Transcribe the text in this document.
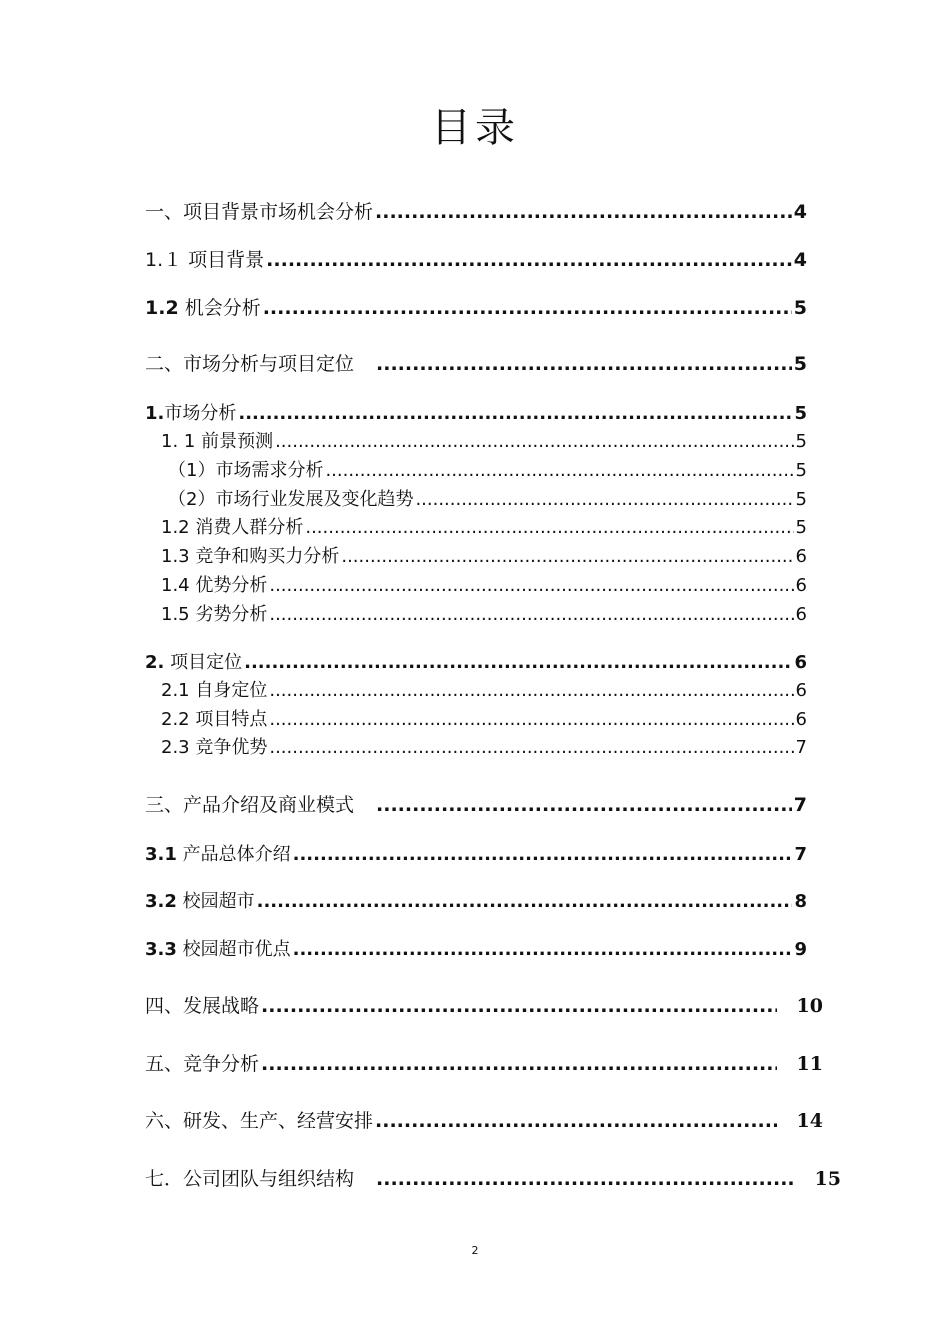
目录
一、项目背景市场机会分析 .....	4
1.１ 项目背景 .....	4
1.2 机会分析 .....	5
二、市场分析与项目定位 .....	5
1.市场分析 .....	5
1. 1 前景预测 .....	5
（1）市场需求分析 .....	5
（2）市场行业发展及变化趋势 .....	5
1.2 消费人群分析 .....	5
1.3 竞争和购买力分析 .....	6
1.4 优势分析 .....	6
1.5 劣势分析 .....	6
2. 项目定位 .....	6
2.1 自身定位 .....	6
2.2 项目特点 .....	6
2.3 竞争优势 .....	7
三、产品介绍及商业模式 .....	7
3.1 产品总体介绍 .....	7
3.2 校园超市 .....	8
3.3 校园超市优点 .....	9
四、发展战略 .....	10
五、竞争分析 .....	11
六、研发、生产、经营安排 .....	14
七．公司团队与组织结构 .....	15
2
